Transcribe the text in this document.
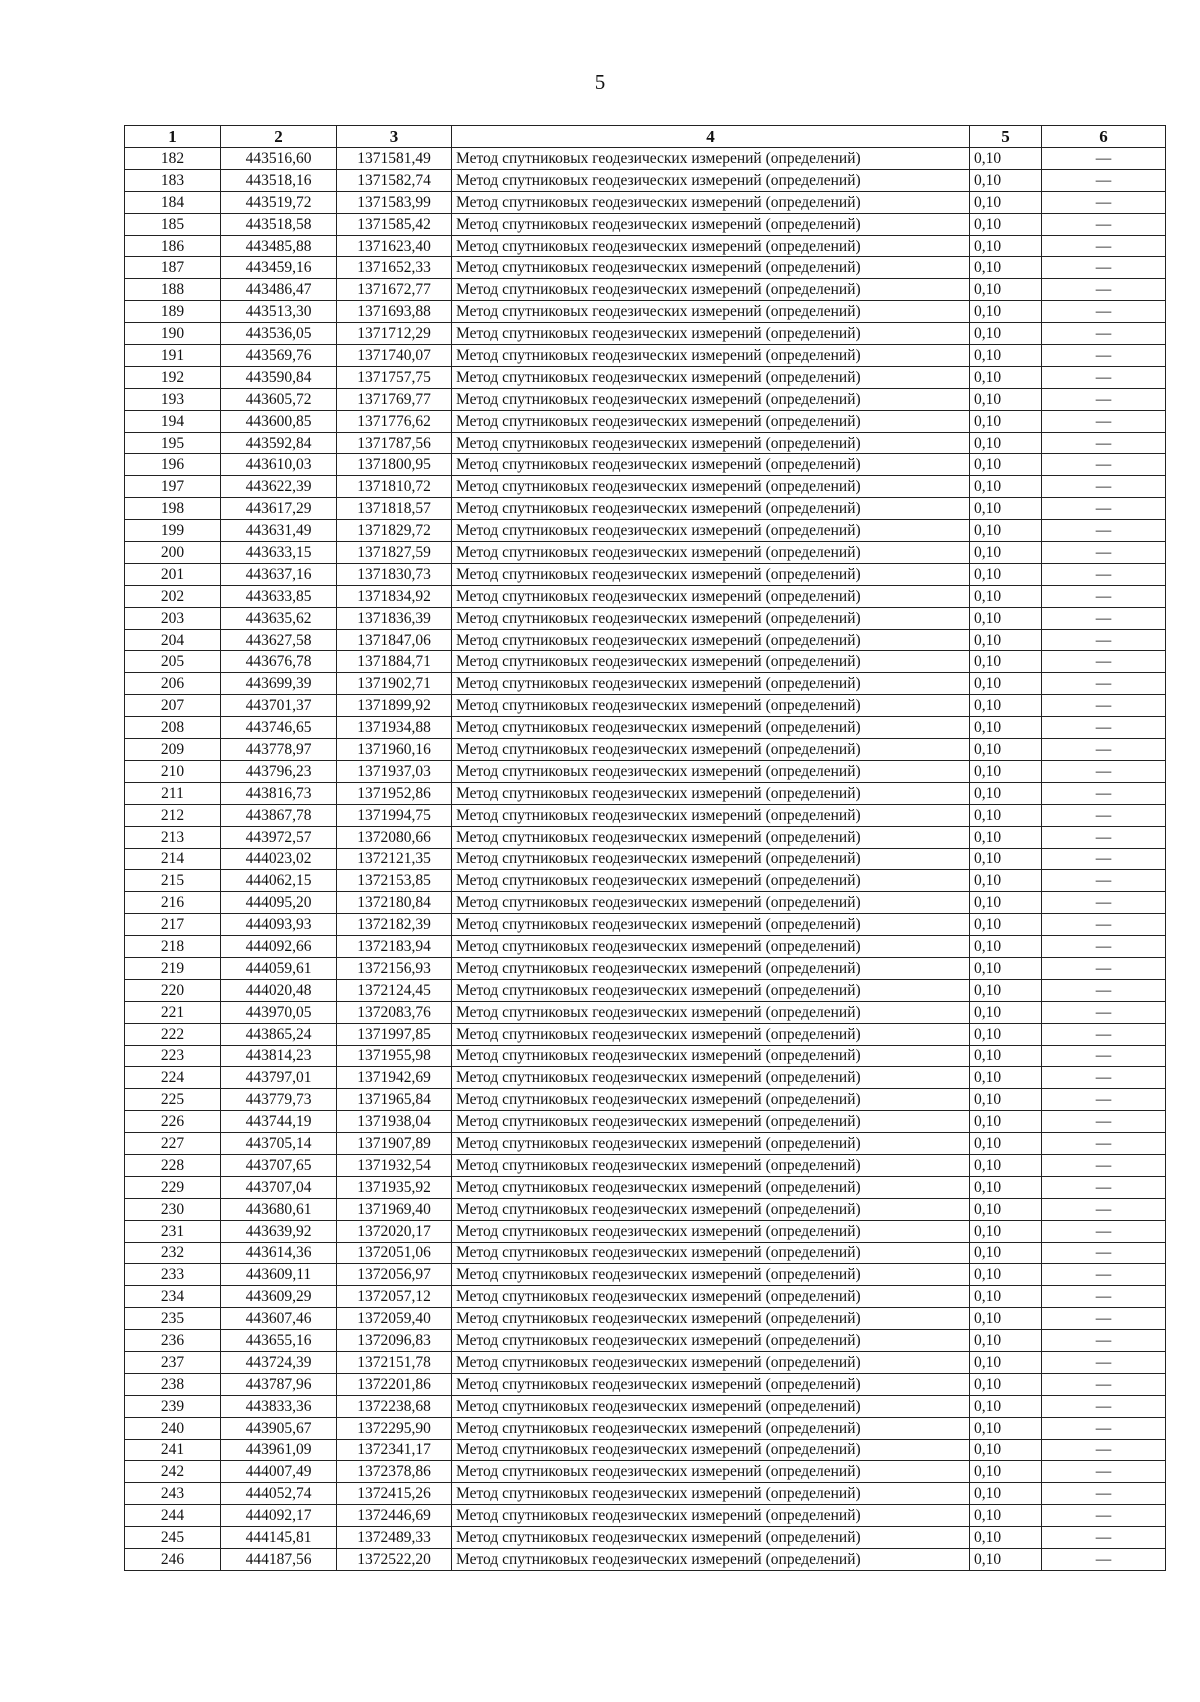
5
1	2	3	4	5	6
182	443516,60	1371581,49	Метод спутниковых геодезических измерений (определений)	0,10	—
183	443518,16	1371582,74	Метод спутниковых геодезических измерений (определений)	0,10	—
184	443519,72	1371583,99	Метод спутниковых геодезических измерений (определений)	0,10	—
185	443518,58	1371585,42	Метод спутниковых геодезических измерений (определений)	0,10	—
186	443485,88	1371623,40	Метод спутниковых геодезических измерений (определений)	0,10	—
187	443459,16	1371652,33	Метод спутниковых геодезических измерений (определений)	0,10	—
188	443486,47	1371672,77	Метод спутниковых геодезических измерений (определений)	0,10	—
189	443513,30	1371693,88	Метод спутниковых геодезических измерений (определений)	0,10	—
190	443536,05	1371712,29	Метод спутниковых геодезических измерений (определений)	0,10	—
191	443569,76	1371740,07	Метод спутниковых геодезических измерений (определений)	0,10	—
192	443590,84	1371757,75	Метод спутниковых геодезических измерений (определений)	0,10	—
193	443605,72	1371769,77	Метод спутниковых геодезических измерений (определений)	0,10	—
194	443600,85	1371776,62	Метод спутниковых геодезических измерений (определений)	0,10	—
195	443592,84	1371787,56	Метод спутниковых геодезических измерений (определений)	0,10	—
196	443610,03	1371800,95	Метод спутниковых геодезических измерений (определений)	0,10	—
197	443622,39	1371810,72	Метод спутниковых геодезических измерений (определений)	0,10	—
198	443617,29	1371818,57	Метод спутниковых геодезических измерений (определений)	0,10	—
199	443631,49	1371829,72	Метод спутниковых геодезических измерений (определений)	0,10	—
200	443633,15	1371827,59	Метод спутниковых геодезических измерений (определений)	0,10	—
201	443637,16	1371830,73	Метод спутниковых геодезических измерений (определений)	0,10	—
202	443633,85	1371834,92	Метод спутниковых геодезических измерений (определений)	0,10	—
203	443635,62	1371836,39	Метод спутниковых геодезических измерений (определений)	0,10	—
204	443627,58	1371847,06	Метод спутниковых геодезических измерений (определений)	0,10	—
205	443676,78	1371884,71	Метод спутниковых геодезических измерений (определений)	0,10	—
206	443699,39	1371902,71	Метод спутниковых геодезических измерений (определений)	0,10	—
207	443701,37	1371899,92	Метод спутниковых геодезических измерений (определений)	0,10	—
208	443746,65	1371934,88	Метод спутниковых геодезических измерений (определений)	0,10	—
209	443778,97	1371960,16	Метод спутниковых геодезических измерений (определений)	0,10	—
210	443796,23	1371937,03	Метод спутниковых геодезических измерений (определений)	0,10	—
211	443816,73	1371952,86	Метод спутниковых геодезических измерений (определений)	0,10	—
212	443867,78	1371994,75	Метод спутниковых геодезических измерений (определений)	0,10	—
213	443972,57	1372080,66	Метод спутниковых геодезических измерений (определений)	0,10	—
214	444023,02	1372121,35	Метод спутниковых геодезических измерений (определений)	0,10	—
215	444062,15	1372153,85	Метод спутниковых геодезических измерений (определений)	0,10	—
216	444095,20	1372180,84	Метод спутниковых геодезических измерений (определений)	0,10	—
217	444093,93	1372182,39	Метод спутниковых геодезических измерений (определений)	0,10	—
218	444092,66	1372183,94	Метод спутниковых геодезических измерений (определений)	0,10	—
219	444059,61	1372156,93	Метод спутниковых геодезических измерений (определений)	0,10	—
220	444020,48	1372124,45	Метод спутниковых геодезических измерений (определений)	0,10	—
221	443970,05	1372083,76	Метод спутниковых геодезических измерений (определений)	0,10	—
222	443865,24	1371997,85	Метод спутниковых геодезических измерений (определений)	0,10	—
223	443814,23	1371955,98	Метод спутниковых геодезических измерений (определений)	0,10	—
224	443797,01	1371942,69	Метод спутниковых геодезических измерений (определений)	0,10	—
225	443779,73	1371965,84	Метод спутниковых геодезических измерений (определений)	0,10	—
226	443744,19	1371938,04	Метод спутниковых геодезических измерений (определений)	0,10	—
227	443705,14	1371907,89	Метод спутниковых геодезических измерений (определений)	0,10	—
228	443707,65	1371932,54	Метод спутниковых геодезических измерений (определений)	0,10	—
229	443707,04	1371935,92	Метод спутниковых геодезических измерений (определений)	0,10	—
230	443680,61	1371969,40	Метод спутниковых геодезических измерений (определений)	0,10	—
231	443639,92	1372020,17	Метод спутниковых геодезических измерений (определений)	0,10	—
232	443614,36	1372051,06	Метод спутниковых геодезических измерений (определений)	0,10	—
233	443609,11	1372056,97	Метод спутниковых геодезических измерений (определений)	0,10	—
234	443609,29	1372057,12	Метод спутниковых геодезических измерений (определений)	0,10	—
235	443607,46	1372059,40	Метод спутниковых геодезических измерений (определений)	0,10	—
236	443655,16	1372096,83	Метод спутниковых геодезических измерений (определений)	0,10	—
237	443724,39	1372151,78	Метод спутниковых геодезических измерений (определений)	0,10	—
238	443787,96	1372201,86	Метод спутниковых геодезических измерений (определений)	0,10	—
239	443833,36	1372238,68	Метод спутниковых геодезических измерений (определений)	0,10	—
240	443905,67	1372295,90	Метод спутниковых геодезических измерений (определений)	0,10	—
241	443961,09	1372341,17	Метод спутниковых геодезических измерений (определений)	0,10	—
242	444007,49	1372378,86	Метод спутниковых геодезических измерений (определений)	0,10	—
243	444052,74	1372415,26	Метод спутниковых геодезических измерений (определений)	0,10	—
244	444092,17	1372446,69	Метод спутниковых геодезических измерений (определений)	0,10	—
245	444145,81	1372489,33	Метод спутниковых геодезических измерений (определений)	0,10	—
246	444187,56	1372522,20	Метод спутниковых геодезических измерений (определений)	0,10	—
